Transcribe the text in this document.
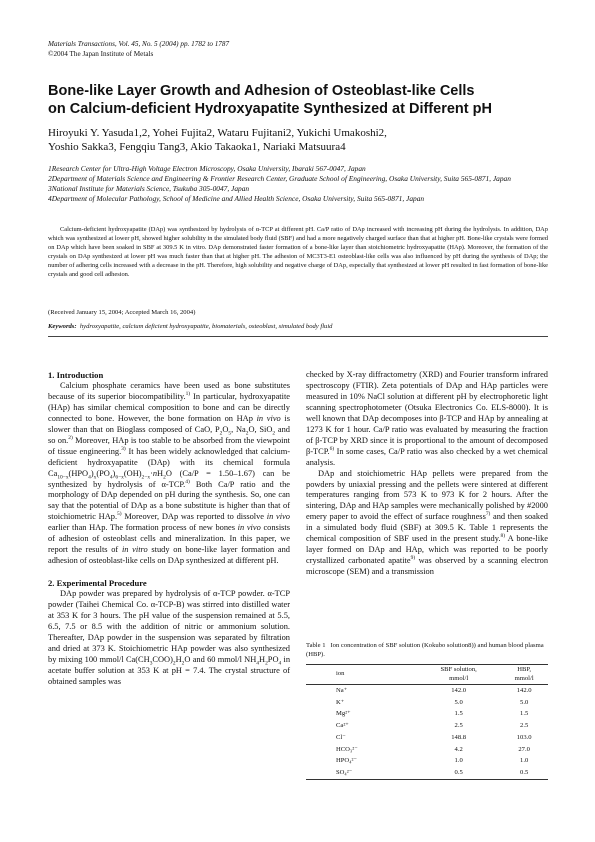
Materials Transactions, Vol. 45, No. 5 (2004) pp. 1782 to 1787
©2004 The Japan Institute of Metals
Bone-like Layer Growth and Adhesion of Osteoblast-like Cells
on Calcium-deficient Hydroxyapatite Synthesized at Different pH
Hiroyuki Y. Yasuda1,2, Yohei Fujita2, Wataru Fujitani2, Yukichi Umakoshi2,
Yoshio Sakka3, Fengqiu Tang3, Akio Takaoka1, Nariaki Matsuura4
1Research Center for Ultra-High Voltage Electron Microscopy, Osaka University, Ibaraki 567-0047, Japan
2Department of Materials Science and Engineering & Frontier Research Center, Graduate School of Engineering, Osaka University, Suita 565-0871, Japan
3National Institute for Materials Science, Tsukuba 305-0047, Japan
4Department of Molecular Pathology, School of Medicine and Allied Health Science, Osaka University, Suita 565-0871, Japan
Calcium-deficient hydroxyapatite (DAp) was synthesized by hydrolysis of α-TCP at different pH. Ca/P ratio of DAp increased with increasing pH during the hydrolysis. In addition, DAp which was synthesized at lower pH, showed higher solubility in the simulated body fluid (SBF) and had a more negatively charged surface than that at higher pH. Bone-like crystals were formed on DAp which have been soaked in SBF at 309.5 K in vitro. DAp demonstrated faster formation of a bone-like layer than stoichiometric hydroxyapatite (HAp). Moreover, the formation of the crystals on DAp synthesized at lower pH was much faster than that at higher pH. The adhesion of MC3T3-E1 osteoblast-like cells was also influenced by pH during the synthesis of DAp; the number of adhering cells increased with a decrease in the pH. Therefore, high solubility and negative charge of DAp, especially that synthesized at lower pH resulted in fast formation of bone-like crystals and good cell adhesion.
(Received January 15, 2004; Accepted March 16, 2004)
Keywords: hydroxyapatite, calcium deficient hydroxyapatite, biomaterials, osteoblast, simulated body fluid

1. Introduction

Calcium phosphate ceramics have been used as bone substitutes because of its superior biocompatibility.$^{1)}$ In particular, hydroxyapatite (HAp) has similar chemical composition to bone and can be directly connected to bone. However, the bone formation on HAp in vivo is slower than that on Bioglass composed of CaO, $P_2O_5$, $Na_2O$, SiO$_2$ and so on.$^{2)}$ Moreover, HAp is too stable to be absorbed from the viewpoint of tissue engineering.$^{3)}$ It has been widely acknowledged that calcium-deficient hydroxyapatite (DAp) with its chemical formula $Ca_{10-x}(HPO_4)_x(PO_4)_{6-x}(OH)_{2-x}\cdot nH_2O$ (Ca/P = 1.50–1.67) can be synthesized by hydrolysis of α-TCP.$^{4)}$ Both Ca/P ratio and the morphology of DAp depended on pH during the synthesis. So, one can say that the potential of DAp as a bone substitute is higher than that of stoichiometric HAp.$^{5)}$ Moreover, DAp was reported to dissolve in vivo earlier than HAp. The formation process of new bones in vivo consists of adhesion of osteoblast cells and mineralization. In this paper, we report the results of in vitro study on bone-like layer formation and adhesion of osteoblast-like cells on DAp synthesized at different pH.

2. Experimental Procedure

DAp powder was prepared by hydrolysis of α-TCP powder. α-TCP powder (Taihei Chemical Co. α-TCP-B) was stirred into distilled water at 353 K for 3 hours. The pH value of the suspension remained at 5.5, 6.5, 7.5 or 8.5 with the addition of nitric or ammonium solution. Thereafter, DAp powder in the suspension was separated by filtration and dried at 373 K. Stoichiometric HAp powder was also synthesized by mixing 100 mmol/l $Ca(CH_3COO)_2H_2O$ and 60 mmol/l $NH_4H_2PO_4$ in acetate buffer solution at 353 K at pH = 7.4. The crystal structure of obtained samples was

checked by X-ray diffractometry (XRD) and Fourier transform infrared spectroscopy (FTIR). Zeta potentials of DAp and HAp particles were measured in 10% NaCl solution at different pH by electrophoretic light scanning spectrophotometer (Otsuka Electronics Co. ELS-8000). It is well known that DAp decomposes into β-TCP and HAp by annealing at 1273 K for 1 hour. Ca/P ratio was evaluated by measuring the fraction of β-TCP by XRD since it is proportional to the amount of decomposed β-TCP.$^{6)}$ In some cases, Ca/P ratio was also checked by a wet chemical analysis.

DAp and stoichiometric HAp pellets were prepared from the powders by uniaxial pressing and the pellets were sintered at different temperatures ranging from 573 K to 973 K for 2 hours. After the sintering, DAp and HAp samples were mechanically polished by #2000 emery paper to avoid the effect of surface roughness$^{7)}$ and then soaked in a simulated body fluid (SBF) at 309.5 K. Table 1 represents the chemical composition of SBF used in the present study.$^{8)}$ A bone-like layer formed on DAp and HAp, which was reported to be poorly crystallized carbonated apatite$^{9)}$ was observed by a scanning electron microscope (SEM) and a transmission

Table 1 Ion concentration of SBF solution (Kokubo solution8)) and human blood plasma (HBP).
ion	SBF solution,
mmol/l	HBP,
mmol/l
Na⁺	142.0	142.0
K⁺	5.0	5.0
Mg²⁺	1.5	1.5
Ca²⁺	2.5	2.5
Cl⁻	148.8	103.0
HCO₃²⁻	4.2	27.0
HPO₄²⁻	1.0	1.0
SO₄²⁻	0.5	0.5
